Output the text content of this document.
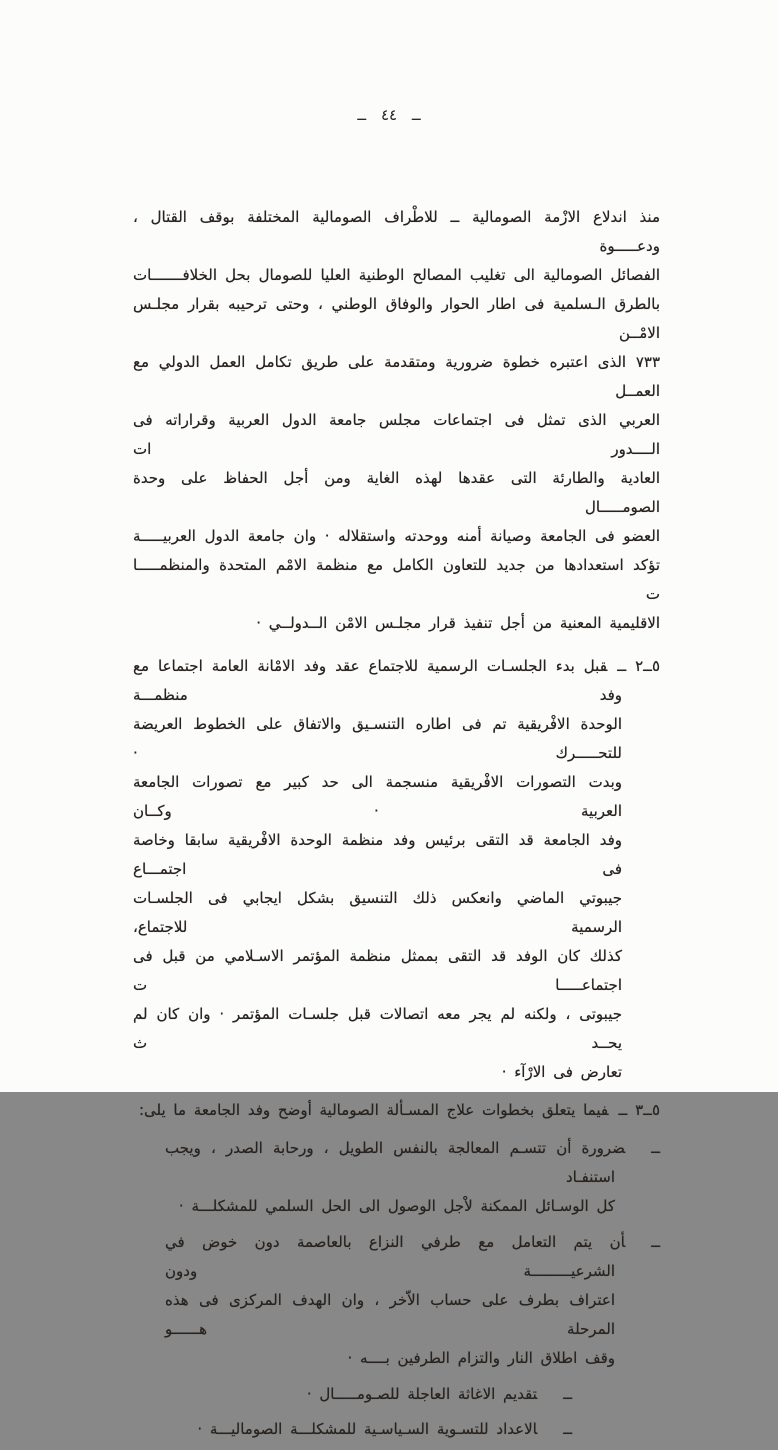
ــ ٤٤ ــ
منذ اندلاع الازْمة الصومالية ــ للاطْراف الصومالية المختلفة بوقف القتال ، ودعـــــوة
الفصائل الصومالية الى تغليب المصالح الوطنية العليا للصومال بحل الخلافـــــــات
بالطرق الـسلمية فى اطار الحوار والوفاق الوطني ، وحتى ترحيبه بقرار مجلـس الامْــن
٧٣٣ الذى اعتبره خطوة ضرورية ومتقدمة على طريق تكامل العمل الدولي مع العمــل
العربي الذى تمثل فى اجتماعات مجلس جامعة الدول العربية وقراراته فى الــــدور ات
العادية والطارئة التى عقدها لهذه الغاية ومن أجل الحفاظ على وحدة الصومـــــال
العضو فى الجامعة وصيانة أمنه ووحدته واستقلاله · وان جامعة الدول العربيـــــة
تؤكد استعدادها من جديد للتعاون الكامل مع منظمة الامْم المتحدة والمنظمـــــا ت
الاقليمية المعنية من أجل تنفيذ قرار مجلـس الامْن الــدولــي ·
٥ــ٢ ــقبل بدء الجلسـات الرسمية للاجتماع عقد وفد الامْانة العامة اجتماعا مع وفد منظمـــة
الوحدة الافْريقية تم فى اطاره التنسـيق والاتفاق على الخطوط العريضة للتحـــــرك ·
وبدت التصورات الافْريقية منسجمة الى حد كبير مع تصورات الجامعة العربية · وكــان
وفد الجامعة قد التقى برئيس وفد منظمة الوحدة الافْريقية سابقا وخاصة فى اجتمـــاع
جيبوتي الماضي وانعكس ذلك التنسيق بشكل ايجابي فى الجلسـات الرسمية للاجتماع،
كذلك كان الوفد قد التقى بممثل منظمة المؤتمر الاسـلامي من قبل فى اجتماعـــــا ت
جيبوتى ، ولكنه لم يجر معه اتصالات قبل جلسـات المؤتمر · وان كان لم يحــد ث
تعارض فى الارْآء ·
٥ــ٣ ــفيما يتعلق بخطوات علاج المسـألة الصومالية أوضح وفد الجامعة ما يلى:
ــضرورة أن تتسـم المعالجة بالنفس الطويل ، ورحابة الصدر ، ويجب استنفـاد
كل الوسـائل الممكنة لاْجل الوصول الى الحل السلمي للمشكلـــة ·
ــأن يتم التعامل مع طرفي النزاع بالعاصمة دون خوض في الشرعيـــــــــة ودون
اعتراف بطرف على حساب الاّخر ، وان الهدف المركزى فى هذه المرحلة هــــــو
وقف اطلاق النار والتزام الطرفين بــــه ·
ــتقديم الاغاثة العاجلة للصـومـــــال ·
ــالاعداد للتسـوية السـياسـية للمشكلـــة الصوماليـــة ·
